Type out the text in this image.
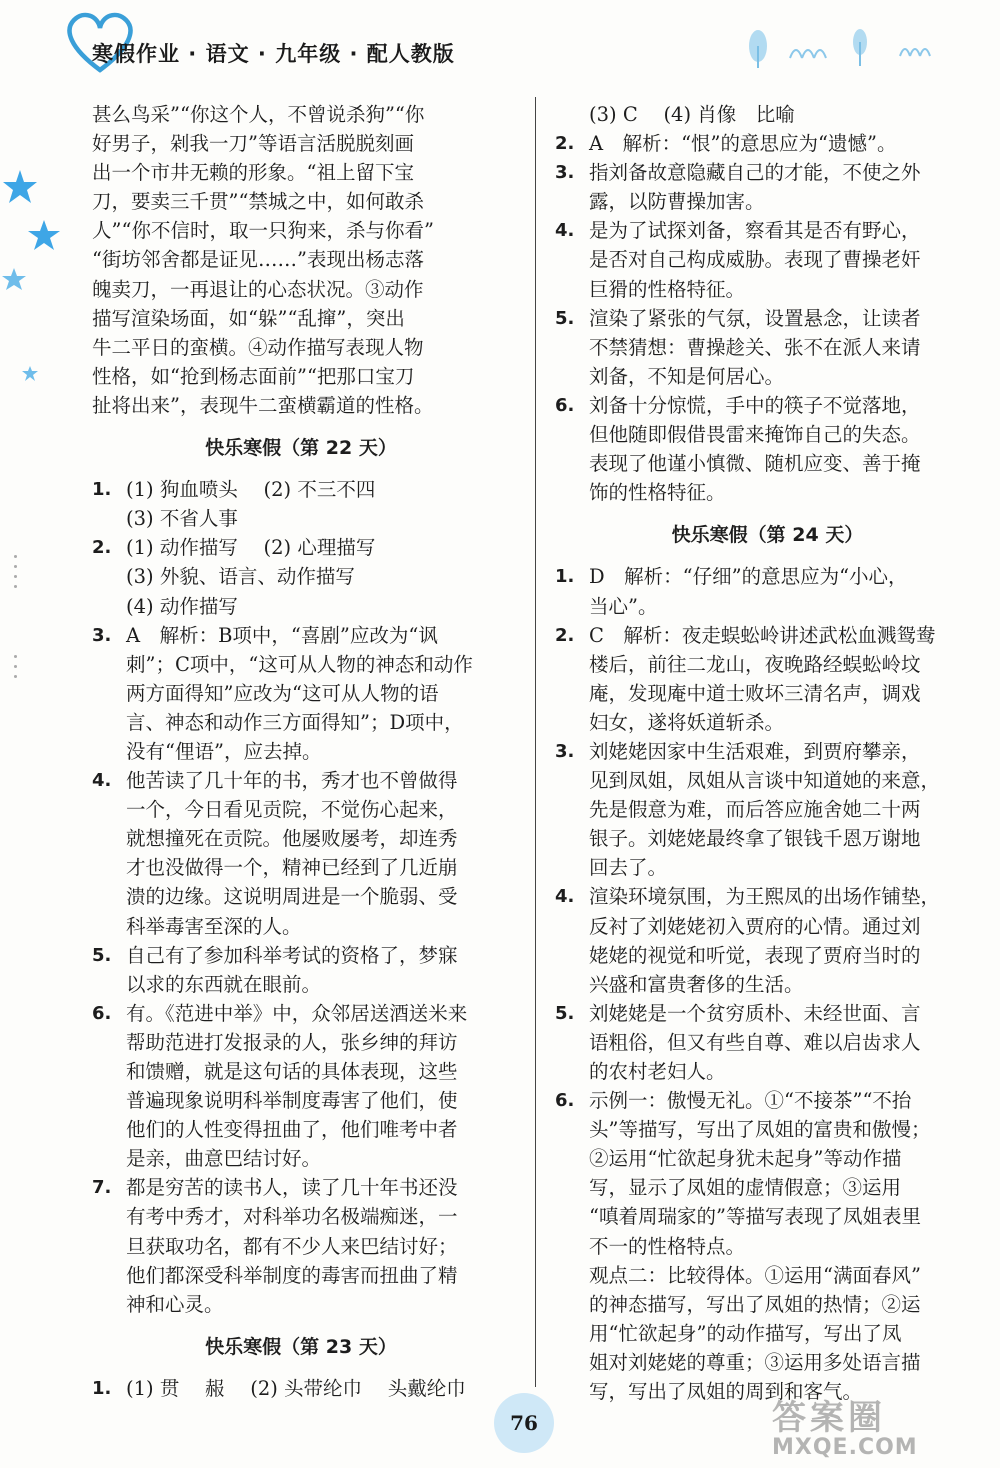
寒假作业 · 语文 · 九年级 · 配人教版

甚么鸟采”“你这个人，不曾说杀狗”“你

好男子，剁我一刀”等语言活脱脱刻画

出一个市井无赖的形象。“祖上留下宝

刀，要卖三千贯”“禁城之中，如何敢杀

人”“你不信时，取一只狗来，杀与你看”

“街坊邻舍都是证见……”表现出杨志落

魄卖刀，一再退让的心态状况。③动作

描写渲染场面，如“躲”“乱撺”，突出

牛二平日的蛮横。④动作描写表现人物

性格，如“抢到杨志面前”“把那口宝刀

扯将出来”，表现牛二蛮横霸道的性格。

快乐寒假（第 22 天）
1. (1) 狗血喷头　 (2) 不三不四
(3) 不省人事
2. (1) 动作描写　 (2) 心理描写
(3) 外貌、语言、动作描写
(4) 动作描写
3. A　解析：B项中，“喜剧”应改为“讽
刺”；C项中，“这可从人物的神态和动作
两方面得知”应改为“这可从人物的语
言、神态和动作三方面得知”；D项中，
没有“俚语”，应去掉。
4. 他苦读了几十年的书，秀才也不曾做得
一个，今日看见贡院，不觉伤心起来，
就想撞死在贡院。他屡败屡考，却连秀
才也没做得一个，精神已经到了几近崩
溃的边缘。这说明周进是一个脆弱、受
科举毒害至深的人。
5. 自己有了参加科举考试的资格了，梦寐
以求的东西就在眼前。
6. 有。《范进中举》中，众邻居送酒送米来
帮助范进打发报录的人，张乡绅的拜访
和馈赠，就是这句话的具体表现，这些
普遍现象说明科举制度毒害了他们，使
他们的人性变得扭曲了，他们唯考中者
是亲，曲意巴结讨好。
7. 都是穷苦的读书人，读了几十年书还没
有考中秀才，对科举功名极端痴迷，一
旦获取功名，都有不少人来巴结讨好；
他们都深受科举制度的毒害而扭曲了精
神和心灵。
快乐寒假（第 23 天）
1. (1) 贯　 赧　 (2) 头带纶巾　 头戴纶巾
(3) C　 (4) 肖像　比喻
2. A　解析：“恨”的意思应为“遗憾”。
3. 指刘备故意隐藏自己的才能，不使之外
露，以防曹操加害。
4. 是为了试探刘备，察看其是否有野心，
是否对自己构成威胁。表现了曹操老奸
巨猾的性格特征。
5. 渲染了紧张的气氛，设置悬念，让读者
不禁猜想：曹操趁关、张不在派人来请
刘备，不知是何居心。
6. 刘备十分惊慌，手中的筷子不觉落地，
但他随即假借畏雷来掩饰自己的失态。
表现了他谨小慎微、随机应变、善于掩
饰的性格特征。
快乐寒假（第 24 天）
1. D　解析：“仔细”的意思应为“小心，
当心”。
2. C　解析：夜走蜈蚣岭讲述武松血溅鸳鸯
楼后，前往二龙山，夜晚路经蜈蚣岭坟
庵，发现庵中道士败坏三清名声，调戏
妇女，遂将妖道斩杀。
3. 刘姥姥因家中生活艰难，到贾府攀亲，
见到凤姐，凤姐从言谈中知道她的来意，
先是假意为难，而后答应施舍她二十两
银子。刘姥姥最终拿了银钱千恩万谢地
回去了。
4. 渲染环境氛围，为王熙凤的出场作铺垫，
反衬了刘姥姥初入贾府的心情。通过刘
姥姥的视觉和听觉，表现了贾府当时的
兴盛和富贵奢侈的生活。
5. 刘姥姥是一个贫穷质朴、未经世面、言
语粗俗，但又有些自尊、难以启齿求人
的农村老妇人。
6. 示例一：傲慢无礼。①“不接茶”“不抬
头”等描写，写出了凤姐的富贵和傲慢；
②运用“忙欲起身犹未起身”等动作描
写，显示了凤姐的虚情假意；③运用
“嗔着周瑞家的”等描写表现了凤姐表里
不一的性格特点。
观点二：比较得体。①运用“满面春风”
的神态描写，写出了凤姐的热情；②运
用“忙欲起身”的动作描写，写出了凤
姐对刘姥姥的尊重；③运用多处语言描
写，写出了凤姐的周到和客气。
76	答案圈
MXQE.COM
